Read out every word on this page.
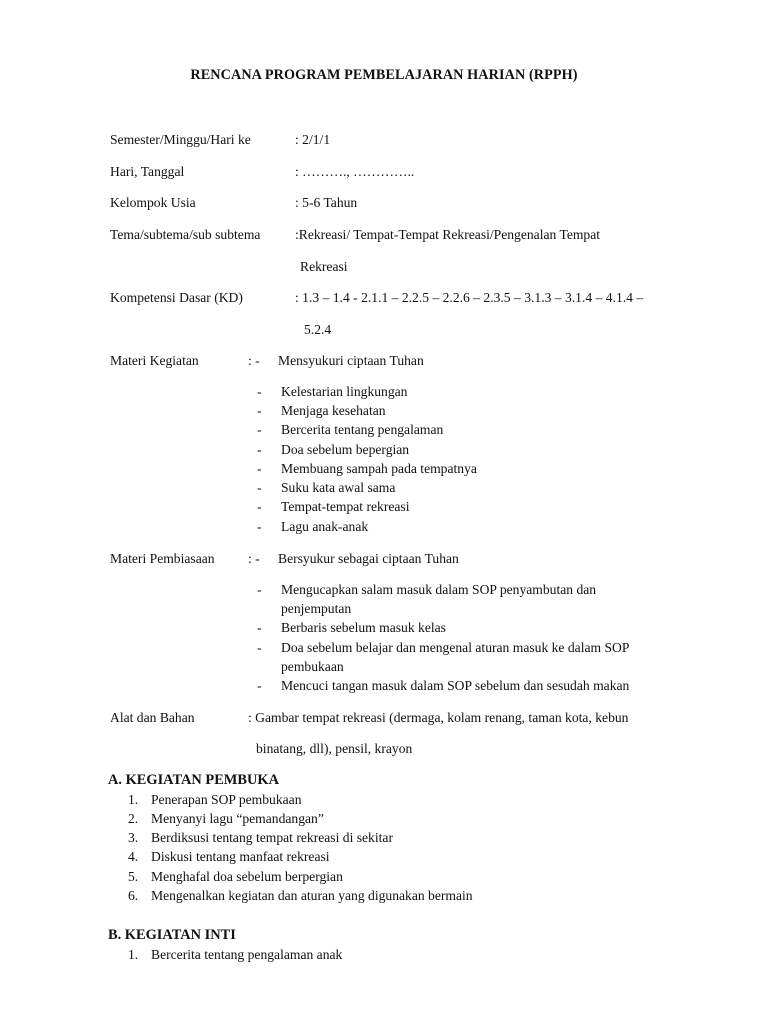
RENCANA PROGRAM PEMBELAJARAN HARIAN (RPPH)
Semester/Minggu/Hari ke	: 2/1/1
Hari, Tanggal	: ………., …………..
Kelompok Usia	: 5-6 Tahun
Tema/subtema/sub subtema	:Rekreasi/ Tempat-Tempat Rekreasi/Pengenalan Tempat
Rekreasi
Kompetensi Dasar (KD)	: 1.3 – 1.4 - 2.1.1 – 2.2.5 – 2.2.6 – 2.3.5 – 3.1.3 – 3.1.4 – 4.1.4 –
5.2.4
Materi Kegiatan	: - Mensyukuri ciptaan Tuhan
- Kelestarian lingkungan
- Menjaga kesehatan
- Bercerita tentang pengalaman
- Doa sebelum bepergian
- Membuang sampah pada tempatnya
- Suku kata awal sama
- Tempat-tempat rekreasi
- Lagu anak-anak
Materi Pembiasaan : - Bersyukur sebagai ciptaan Tuhan
- Mengucapkan salam masuk dalam SOP penyambutan dan
penjemputan
- Berbaris sebelum masuk kelas
- Doa sebelum belajar dan mengenal aturan masuk ke dalam SOP
pembukaan
- Mencuci tangan masuk dalam SOP sebelum dan sesudah makan
Alat dan Bahan	: Gambar tempat rekreasi (dermaga, kolam renang, taman kota, kebun
binatang, dll), pensil, krayon
A. KEGIATAN PEMBUKA
1. Penerapan SOP pembukaan
2. Menyanyi lagu “pemandangan”
3. Berdiksusi tentang tempat rekreasi di sekitar
4. Diskusi tentang manfaat rekreasi
5. Menghafal doa sebelum berpergian
6. Mengenalkan kegiatan dan aturan yang digunakan bermain
B. KEGIATAN INTI
1. Bercerita tentang pengalaman anak
